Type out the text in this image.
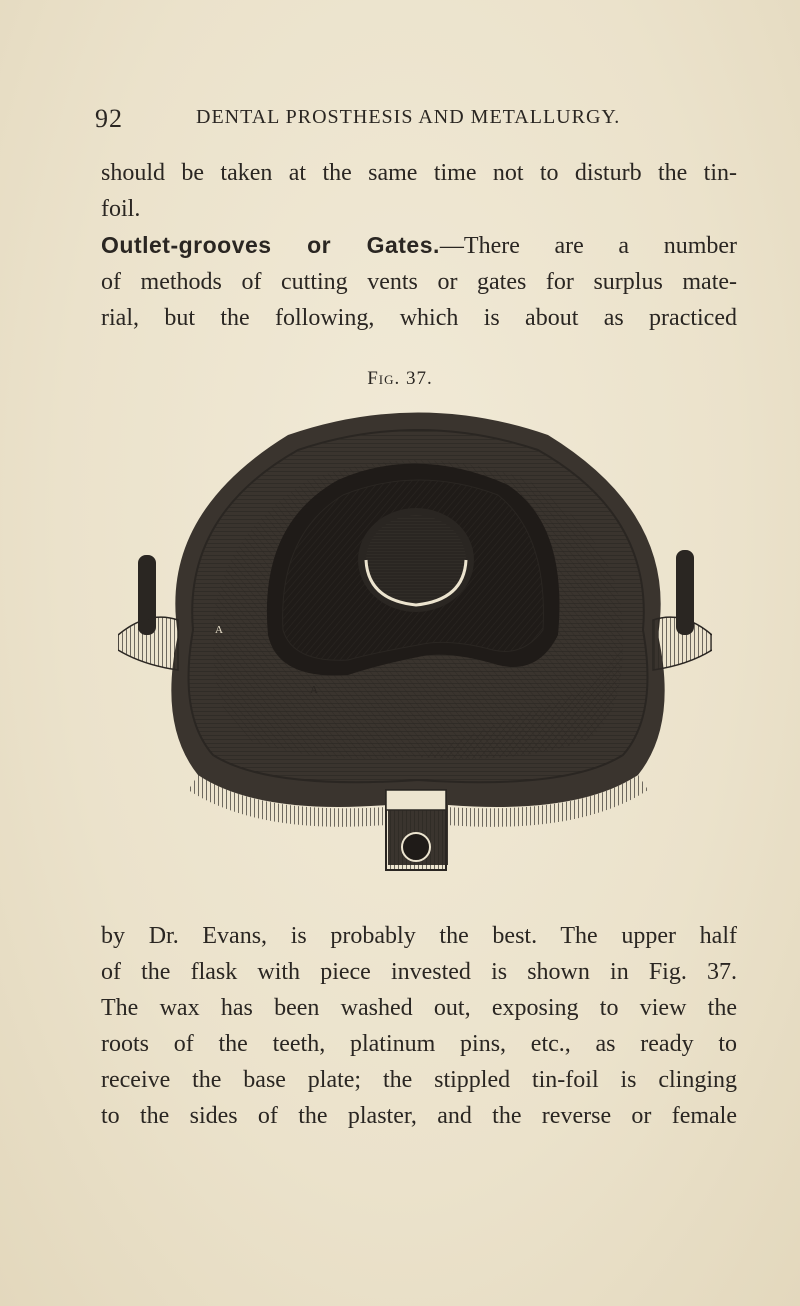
92	DENTAL PROSTHESIS AND METALLURGY.
should be taken at the same time not to disturb the tin-
foil.
Outlet-grooves or Gates.—There are a number
of methods of cutting vents or gates for surplus mate-
rial, but the following, which is about as practiced
Fig. 37.
A
A
by Dr. Evans, is probably the best. The upper half
of the flask with piece invested is shown in Fig. 37.
The wax has been washed out, exposing to view the
roots of the teeth, platinum pins, etc., as ready to
receive the base plate; the stippled tin-foil is clinging
to the sides of the plaster, and the reverse or female
